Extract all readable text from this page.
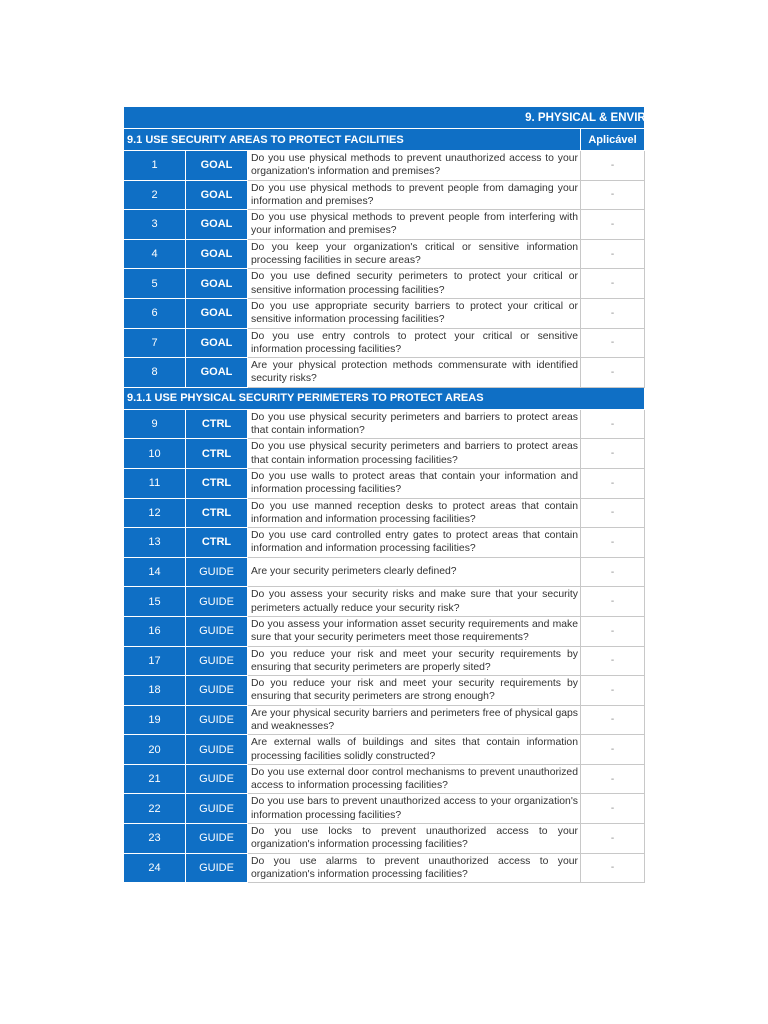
9. PHYSICAL & ENVIRONMENTAL			
9.1 USE SECURITY AREAS TO PROTECT FACILITIES			Aplicável
1	GOAL	Do you use physical methods to prevent unauthorized access to your organization's information and premises?	-
2	GOAL	Do you use physical methods to prevent people from damaging your information and premises?	-
3	GOAL	Do you use physical methods to prevent people from interfering with your information and premises?	-
4	GOAL	Do you keep your organization's critical or sensitive information processing facilities in secure areas?	-
5	GOAL	Do you use defined security perimeters to protect your critical or sensitive information processing facilities?	-
6	GOAL	Do you use appropriate security barriers to protect your critical or sensitive information processing facilities?	-
7	GOAL	Do you use entry controls to protect your critical or sensitive information processing facilities?	-
8	GOAL	Are your physical protection methods commensurate with identified security risks?	-
9.1.1 USE PHYSICAL SECURITY PERIMETERS TO PROTECT AREAS			
9	CTRL	Do you use physical security perimeters and barriers to protect areas that contain information?	-
10	CTRL	Do you use physical security perimeters and barriers to protect areas that contain information processing facilities?	-
11	CTRL	Do you use walls to protect areas that contain your information and information processing facilities?	-
12	CTRL	Do you use manned reception desks to protect areas that contain information and information processing facilities?	-
13	CTRL	Do you use card controlled entry gates to protect areas that contain information and information processing facilities?	-
14	GUIDE	Are your security perimeters clearly defined?	-
15	GUIDE	Do you assess your security risks and make sure that your security perimeters actually reduce your security risk?	-
16	GUIDE	Do you assess your information asset security requirements and make sure that your security perimeters meet those requirements?	-
17	GUIDE	Do you reduce your risk and meet your security requirements by ensuring that security perimeters are properly sited?	-
18	GUIDE	Do you reduce your risk and meet your security requirements by ensuring that security perimeters are strong enough?	-
19	GUIDE	Are your physical security barriers and perimeters free of physical gaps and weaknesses?	-
20	GUIDE	Are external walls of buildings and sites that contain information processing facilities solidly constructed?	-
21	GUIDE	Do you use external door control mechanisms to prevent unauthorized access to information processing facilities?	-
22	GUIDE	Do you use bars to prevent unauthorized access to your organization's information processing facilities?	-
23	GUIDE	Do you use locks to prevent unauthorized access to your organization's information processing facilities?	-
24	GUIDE	Do you use alarms to prevent unauthorized access to your organization's information processing facilities?	-
